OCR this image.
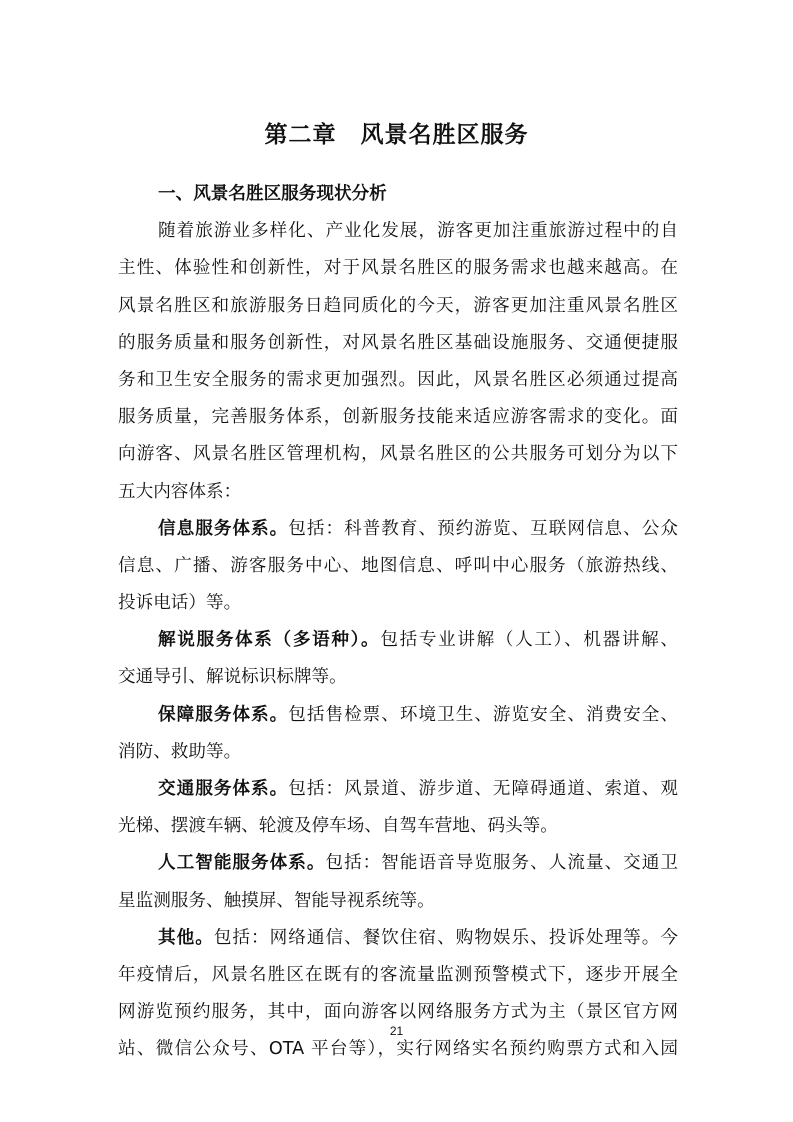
第二章　风景名胜区服务
一、风景名胜区服务现状分析
随着旅游业多样化、产业化发展，游客更加注重旅游过程中的自
主性、体验性和创新性，对于风景名胜区的服务需求也越来越高。在
风景名胜区和旅游服务日趋同质化的今天，游客更加注重风景名胜区
的服务质量和服务创新性，对风景名胜区基础设施服务、交通便捷服
务和卫生安全服务的需求更加强烈。因此，风景名胜区必须通过提高
服务质量，完善服务体系，创新服务技能来适应游客需求的变化。面
向游客、风景名胜区管理机构，风景名胜区的公共服务可划分为以下
五大内容体系：
信息服务体系。包括：科普教育、预约游览、互联网信息、公众
信息、广播、游客服务中心、地图信息、呼叫中心服务（旅游热线、
投诉电话）等。
解说服务体系（多语种）。包括专业讲解（人工）、机器讲解、
交通导引、解说标识标牌等。
保障服务体系。包括售检票、环境卫生、游览安全、消费安全、
消防、救助等。
交通服务体系。包括：风景道、游步道、无障碍通道、索道、观
光梯、摆渡车辆、轮渡及停车场、自驾车营地、码头等。
人工智能服务体系。包括：智能语音导览服务、人流量、交通卫
星监测服务、触摸屏、智能导视系统等。
其他。包括：网络通信、餐饮住宿、购物娱乐、投诉处理等。今
年疫情后，风景名胜区在既有的客流量监测预警模式下，逐步开展全
网游览预约服务，其中，面向游客以网络服务方式为主（景区官方网
站、微信公众号、OTA 平台等），实行网络实名预约购票方式和入园
21
